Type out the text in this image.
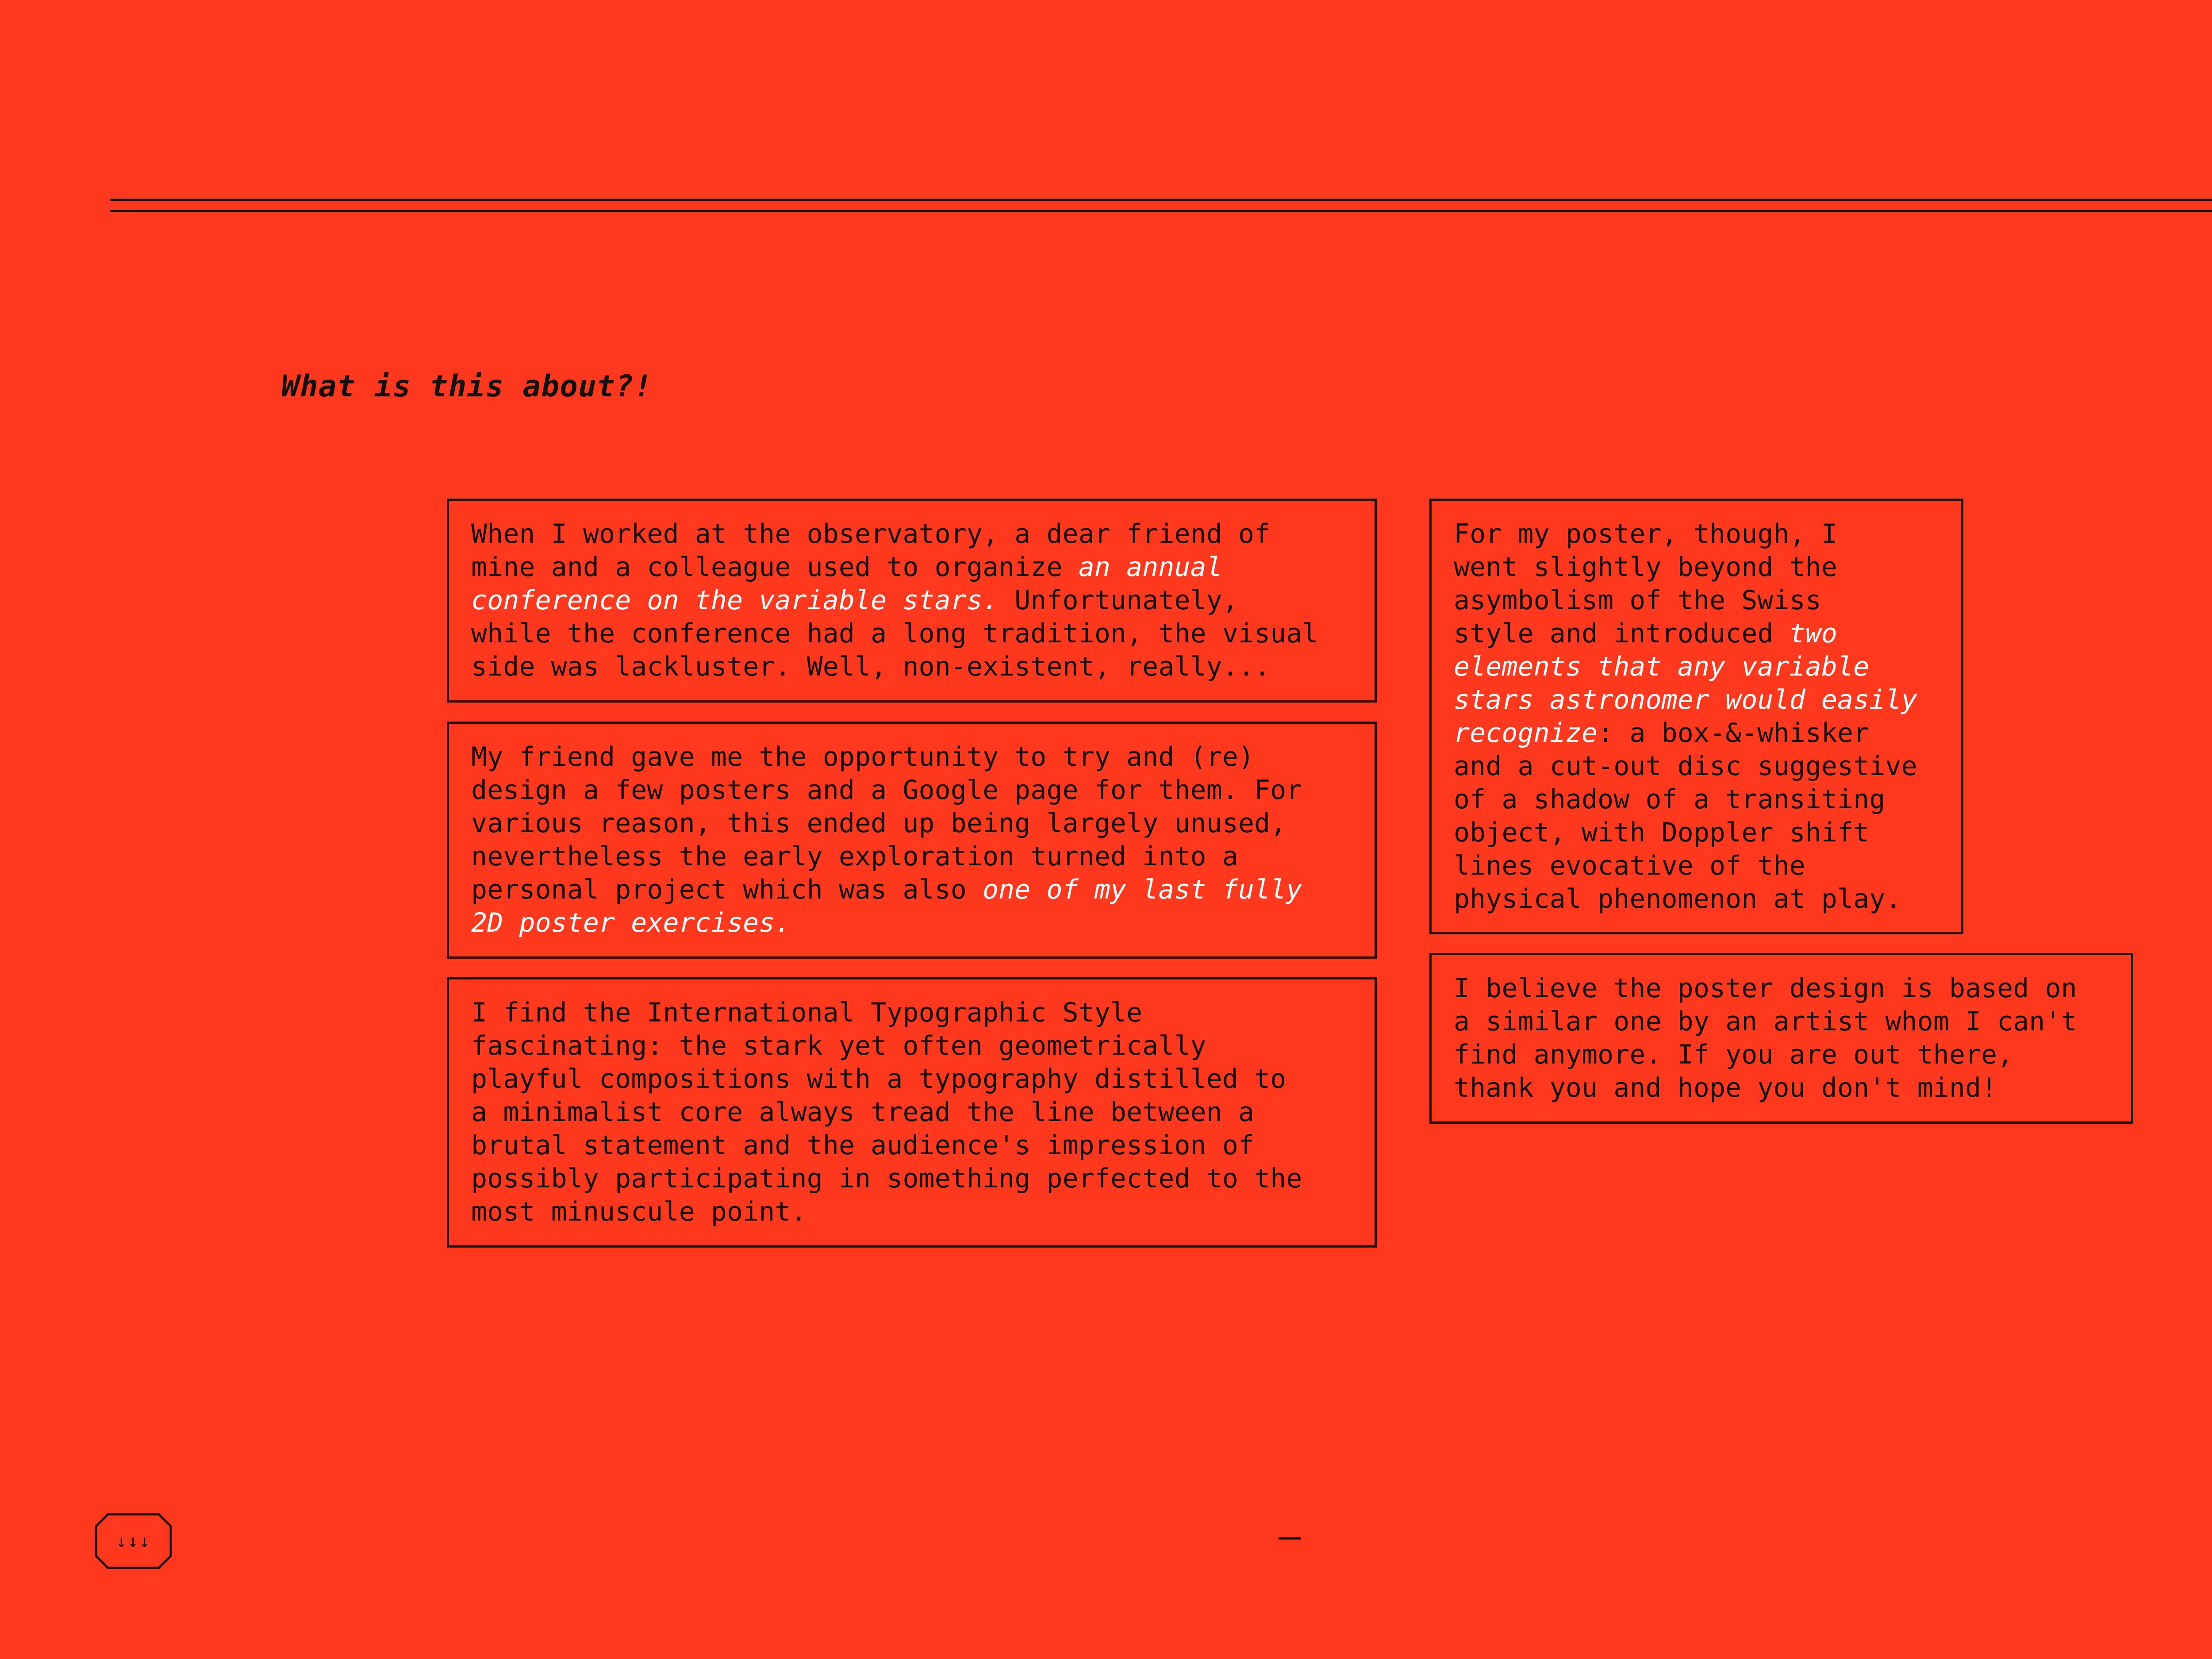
What is this about?!
When I worked at the observatory, a dear friend of
mine and a colleague used to organize an annual
conference on the variable stars. Unfortunately,
while the conference had a long tradition, the visual
side was lackluster. Well, non-existent, really...
My friend gave me the opportunity to try and (re)
design a few posters and a Google page for them. For
various reason, this ended up being largely unused,
nevertheless the early exploration turned into a
personal project which was also one of my last fully
2D poster exercises.
I find the International Typographic Style
fascinating: the stark yet often geometrically
playful compositions with a typography distilled to
a minimalist core always tread the line between a
brutal statement and the audience's impression of
possibly participating in something perfected to the
most minuscule point.
For my poster, though, I
went slightly beyond the
asymbolism of the Swiss
style and introduced two
elements that any variable
stars astronomer would easily
recognize: a box-&-whisker
and a cut-out disc suggestive
of a shadow of a transiting
object, with Doppler shift
lines evocative of the
physical phenomenon at play.
I believe the poster design is based on
a similar one by an artist whom I can't
find anymore. If you are out there,
thank you and hope you don't mind!
↓↓↓
